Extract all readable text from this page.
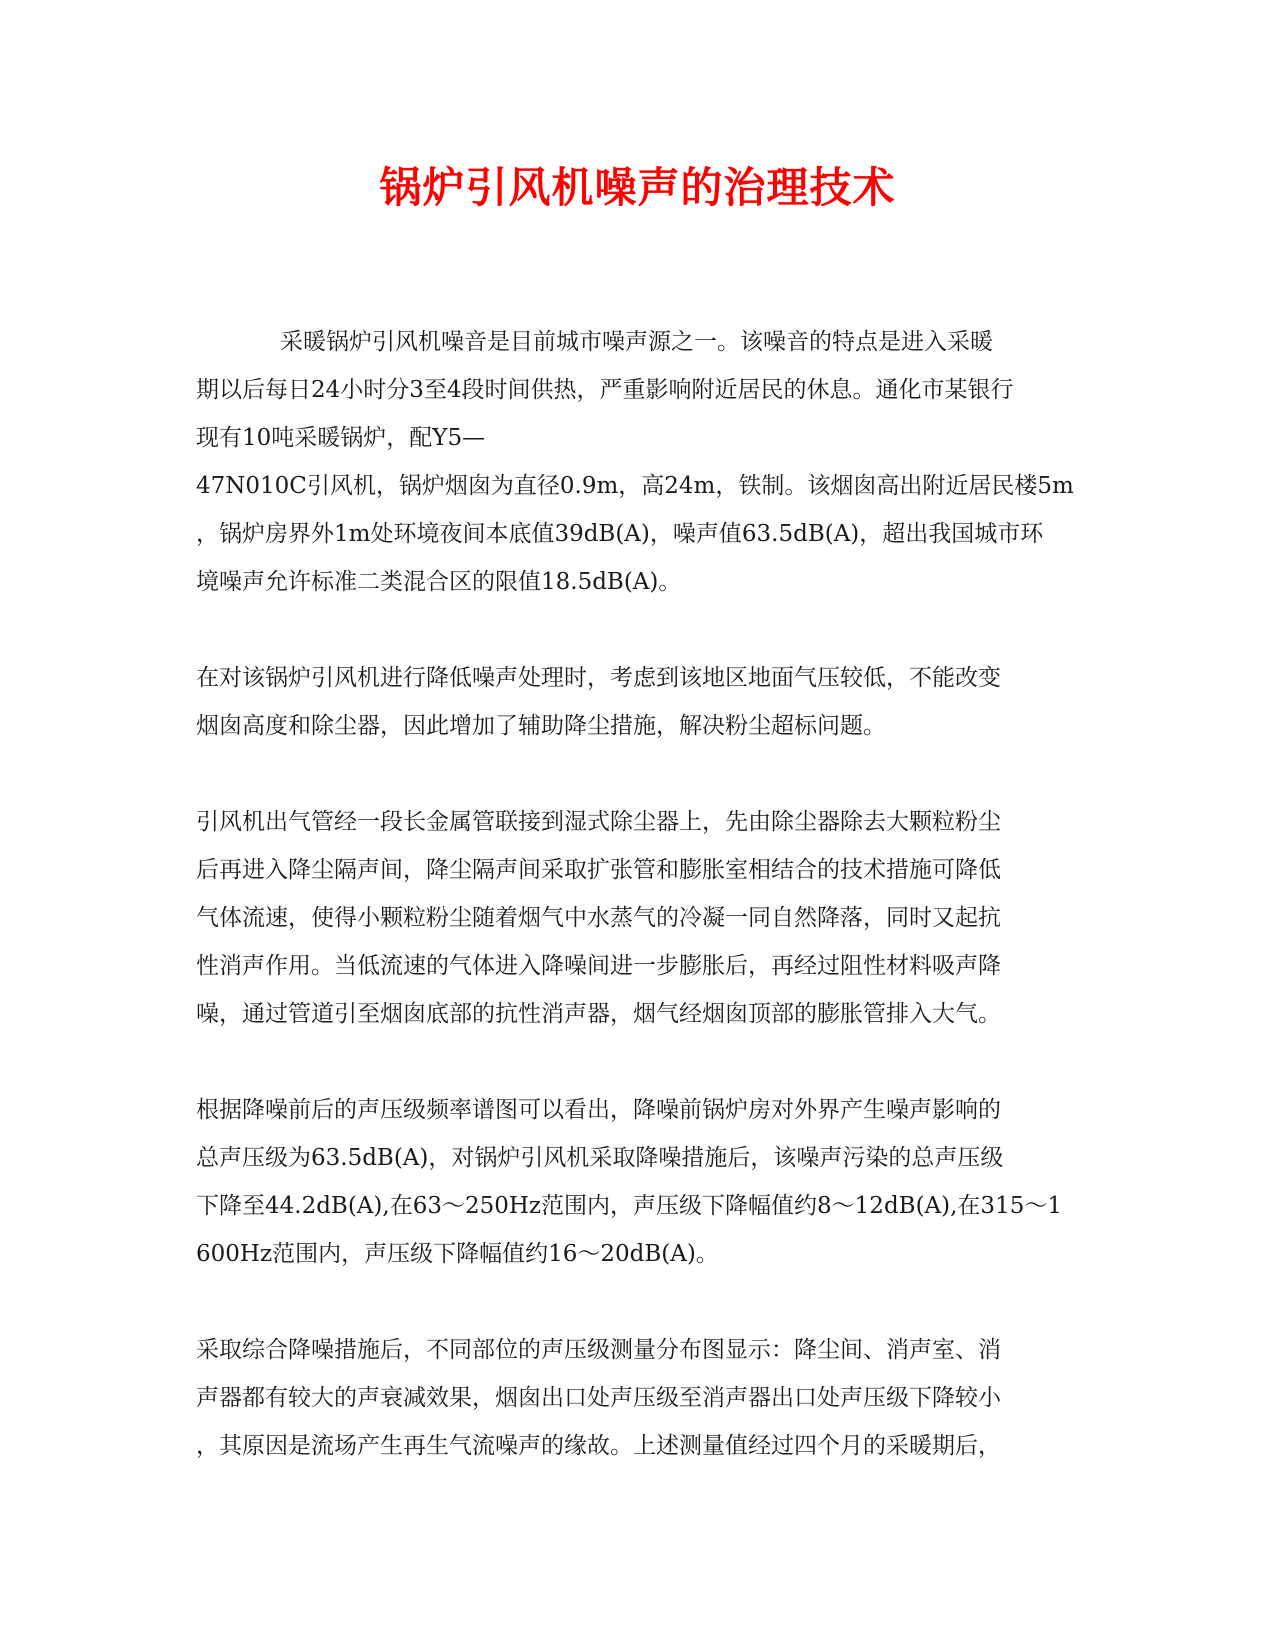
锅炉引风机噪声的治理技术
采暖锅炉引风机噪音是目前城市噪声源之一。该噪音的特点是进入采暖
期以后每日24小时分3至4段时间供热，严重影响附近居民的休息。通化市某银行
现有10吨采暖锅炉，配Y5—
47N010C引风机，锅炉烟囱为直径0.9m，高24m，铁制。该烟囱高出附近居民楼5m
，锅炉房界外1m处环境夜间本底值39dB(A)，噪声值63.5dB(A)，超出我国城市环
境噪声允许标准二类混合区的限值18.5dB(A)。
在对该锅炉引风机进行降低噪声处理时，考虑到该地区地面气压较低，不能改变
烟囱高度和除尘器，因此增加了辅助降尘措施，解决粉尘超标问题。
引风机出气管经一段长金属管联接到湿式除尘器上，先由除尘器除去大颗粒粉尘
后再进入降尘隔声间，降尘隔声间采取扩张管和膨胀室相结合的技术措施可降低
气体流速，使得小颗粒粉尘随着烟气中水蒸气的冷凝一同自然降落，同时又起抗
性消声作用。当低流速的气体进入降噪间进一步膨胀后，再经过阻性材料吸声降
噪，通过管道引至烟囱底部的抗性消声器，烟气经烟囱顶部的膨胀管排入大气。
根据降噪前后的声压级频率谱图可以看出，降噪前锅炉房对外界产生噪声影响的
总声压级为63.5dB(A)，对锅炉引风机采取降噪措施后，该噪声污染的总声压级
下降至44.2dB(A),在63～250Hz范围内，声压级下降幅值约8～12dB(A),在315～1
600Hz范围内，声压级下降幅值约16～20dB(A)。
采取综合降噪措施后，不同部位的声压级测量分布图显示：降尘间、消声室、消
声器都有较大的声衰减效果，烟囱出口处声压级至消声器出口处声压级下降较小
，其原因是流场产生再生气流噪声的缘故。上述测量值经过四个月的采暖期后，
